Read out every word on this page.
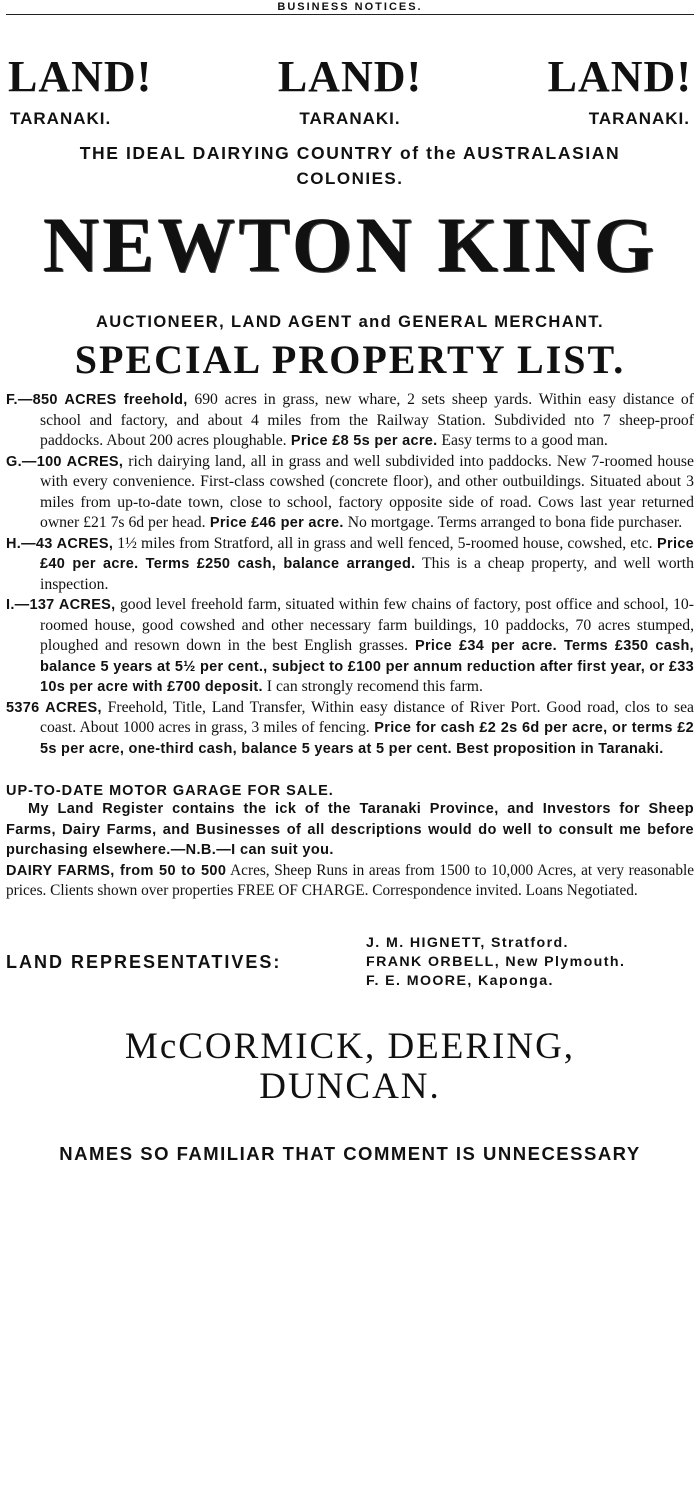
BUSINESS NOTICES.
LAND!	LAND!	LAND!
TARANAKI.	TARANAKI.	TARANAKI.
THE IDEAL DAIRYING COUNTRY of the AUSTRALASIAN
COLONIES.
NEWTON KING
AUCTIONEER, LAND AGENT and GENERAL MERCHANT.
SPECIAL PROPERTY LIST.

F.—850 ACRES freehold, 690 acres in grass, new whare, 2 sets sheep yards. Within easy distance of school and factory, and about 4 miles from the Railway Station. Subdivided nto 7 sheep-proof paddocks. About 200 acres ploughable. Price £8 5s per acre. Easy terms to a good man.

G.—100 ACRES, rich dairying land, all in grass and well subdivided into paddocks. New 7-roomed house with every convenience. First-class cowshed (concrete floor), and other outbuildings. Situated about 3 miles from up-to-date town, close to school, factory opposite side of road. Cows last year returned owner £21 7s 6d per head. Price £46 per acre. No mortgage. Terms arranged to bona fide purchaser.

H.—43 ACRES, 1½ miles from Stratford, all in grass and well fenced, 5-roomed house, cowshed, etc. Price £40 per acre. Terms £250 cash, balance arranged. This is a cheap property, and well worth inspection.

I.—137 ACRES, good level freehold farm, situated within few chains of factory, post office and school, 10-roomed house, good cowshed and other necessary farm buildings, 10 paddocks, 70 acres stumped, ploughed and resown down in the best English grasses. Price £34 per acre. Terms £350 cash, balance 5 years at 5½ per cent., subject to £100 per annum reduction after first year, or £33 10s per acre with £700 deposit. I can strongly recomend this farm.

5376 ACRES, Freehold, Title, Land Transfer, Within easy distance of River Port. Good road, clos to sea coast. About 1000 acres in grass, 3 miles of fencing. Price for cash £2 2s 6d per acre, or terms £2 5s per acre, one-third cash, balance 5 years at 5 per cent. Best proposition in Taranaki.

UP-TO-DATE MOTOR GARAGE FOR SALE.

My Land Register contains the ick of the Taranaki Province, and Investors for Sheep Farms, Dairy Farms, and Businesses of all descriptions would do well to consult me before purchasing elsewhere.—N.B.—I can suit you.

DAIRY FARMS, from 50 to 500 Acres, Sheep Runs in areas from 1500 to 10,000 Acres, at very reasonable prices. Clients shown over properties FREE OF CHARGE. Correspondence invited. Loans Negotiated.

LAND REPRESENTATIVES:
J. M. HIGNETT, Stratford.
FRANK ORBELL, New Plymouth.
F. E. MOORE, Kaponga.
McCORMICK, DEERING,
DUNCAN.
NAMES SO FAMILIAR THAT COMMENT IS UNNECESSARY
